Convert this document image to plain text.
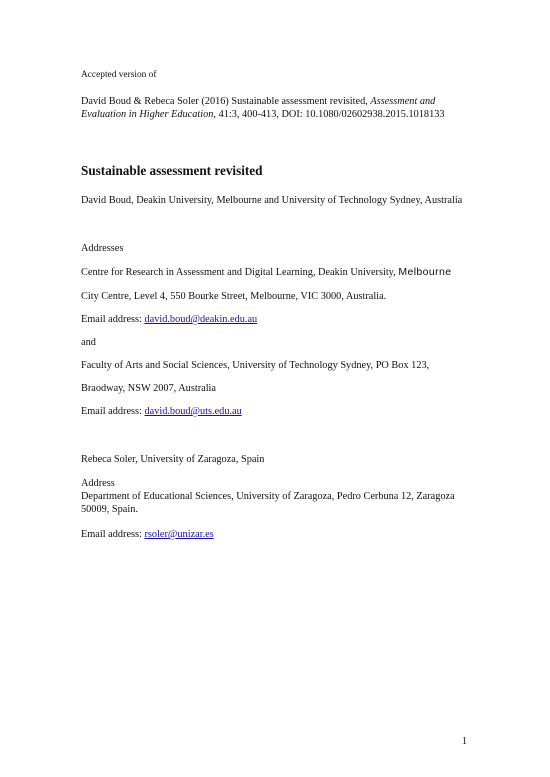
Accepted version of
David Boud & Rebeca Soler (2016) Sustainable assessment revisited, Assessment and
Evaluation in Higher Education, 41:3, 400-413, DOI: 10.1080/02602938.2015.1018133
Sustainable assessment revisited
David Boud, Deakin University, Melbourne and University of Technology Sydney, Australia
Addresses
Centre for Research in Assessment and Digital Learning, Deakin University, Melbourne
City Centre, Level 4, 550 Bourke Street, Melbourne, VIC 3000, Australia.
Email address: david.boud@deakin.edu.au
and
Faculty of Arts and Social Sciences, University of Technology Sydney, PO Box 123,
Braodway, NSW 2007, Australia
Email address: david.boud@uts.edu.au
Rebeca Soler, University of Zaragoza, Spain
Address
Department of Educational Sciences, University of Zaragoza, Pedro Cerbuna 12, Zaragoza
50009, Spain.
Email address: rsoler@unizar.es
1
